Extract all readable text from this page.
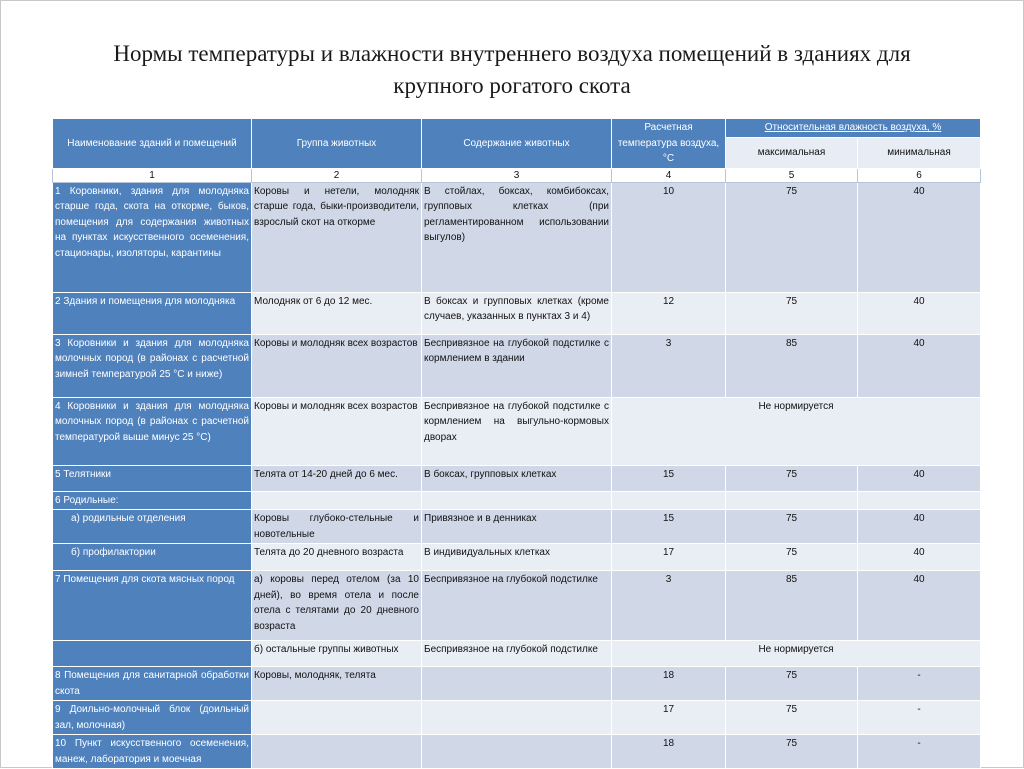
Нормы температуры и влажности внутреннего воздуха помещений в зданиях для
крупного рогатого скота
Наименование зданий и помещений	Группа животных	Содержание животных	Расчетная температура воздуха, °C	Относительная влажность воздуха, %	
				максимальная	минимальная
1	2	3	4	5	6
1 Коровники, здания для молодняка старше года, скота на откорме, быков, помещения для содержания животных на пунктах искусственного осеменения, стационары, изоляторы, карантины	Коровы и нетели, молодняк старше года, быки-производители, взрослый скот на откорме	В стойлах, боксах, комбибоксах, групповых клетках (при регламентированном использовании выгулов)	10	75	40
2 Здания и помещения для молодняка	Молодняк от 6 до 12 мес.	В боксах и групповых клетках (кроме случаев, указанных в пунктах 3 и 4)	12	75	40
3 Коровники и здания для молодняка молочных пород (в районах с расчетной зимней температурой 25 °C и ниже)	Коровы и молодняк всех возрастов	Беспривязное на глубокой подстилке с кормлением в здании	3	85	40
4 Коровники и здания для молодняка молочных пород (в районах с расчетной температурой выше минус 25 °C)	Коровы и молодняк всех возрастов	Беспривязное на глубокой подстилке с кормлением на выгульно-кормовых дворах	Не нормируется		
5 Телятники	Телята от 14-20 дней до 6 мес.	В боксах, групповых клетках	15	75	40
6 Родильные:					
а) родильные отделения	Коровы глубоко-стельные и новотельные	Привязное и в денниках	15	75	40
б) профилактории	Телята до 20 дневного возраста	В индивидуальных клетках	17	75	40
7 Помещения для скота мясных пород	а) коровы перед отелом (за 10 дней), во время отела и после отела с телятами до 20 дневного возраста	Беспривязное на глубокой подстилке	3	85	40
	б) остальные группы животных	Беспривязное на глубокой подстилке	Не нормируется		
8 Помещения для санитарной обработки скота	Коровы, молодняк, телята		18	75	-
9 Доильно-молочный блок (доильный зал, молочная)			17	75	-
10 Пункт искусственного осеменения, манеж, лаборатория и моечная			18	75	-
